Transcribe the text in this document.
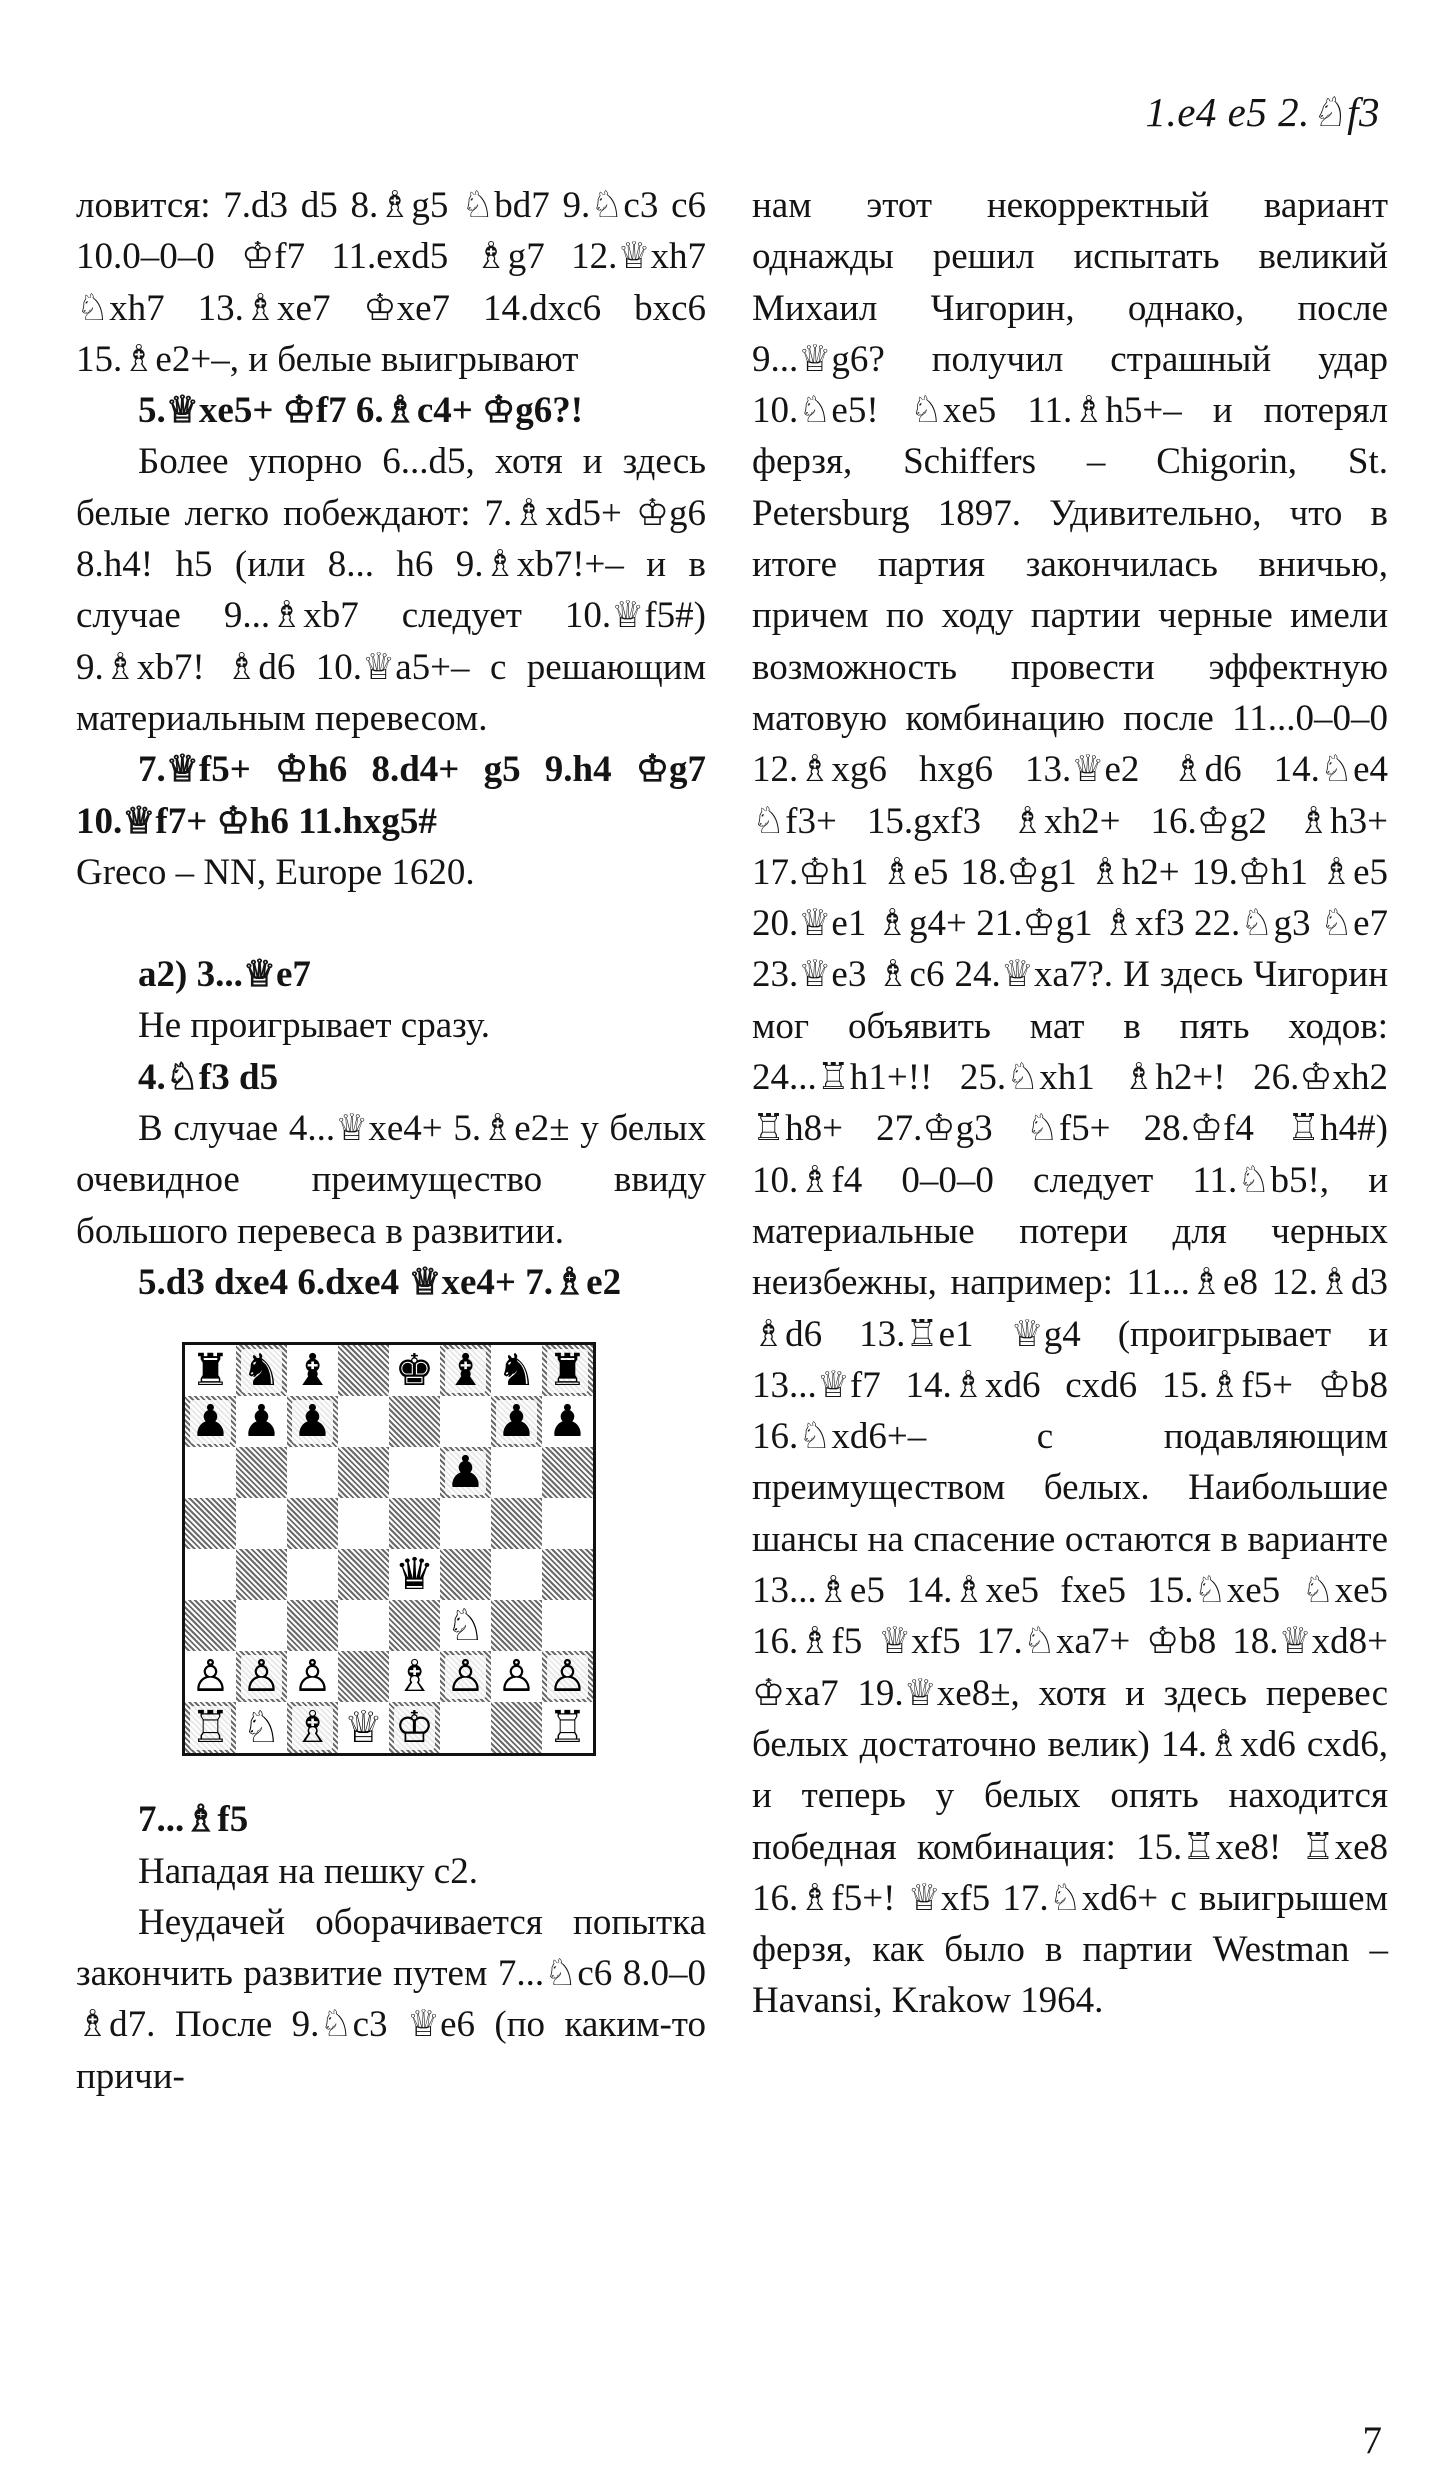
1.e4 e5 2.♘f3

ловится: 7.d3 d5 8.♗g5 ♘bd7 9.♘c3 c6 10.0–0–0 ♔f7 11.exd5 ♗g7 12.♕xh7 ♘xh7 13.♗xe7 ♔xe7 14.dxc6 bxc6 15.♗e2+–, и белые выигрывают

5.♕xe5+ ♔f7 6.♗c4+ ♔g6?!

Более упорно 6...d5, хотя и здесь белые легко побеждают: 7.♗xd5+ ♔g6 8.h4! h5 (или 8... h6 9.♗xb7!+– и в случае 9...♗xb7 следует 10.♕f5#) 9.♗xb7! ♗d6 10.♕a5+– с решающим материальным перевесом.

7.♕f5+ ♔h6 8.d4+ g5 9.h4 ♔g7 10.♕f7+ ♔h6 11.hxg5#

Greco – NN, Europe 1620.

a2) 3...♕e7

Не проигрывает сразу.

4.♘f3 d5

В случае 4...♕xe4+ 5.♗e2± у белых очевидное преимущество ввиду большого перевеса в развитии.

5.d3 dxe4 6.dxe4 ♕xe4+ 7.♗e2

♜ ♞ ♝ ♚ ♝ ♞ ♜
♟ ♟ ♟	♟ ♟
♟
♛
♘
♙ ♙ ♙ ♗ ♙ ♙ ♙
♖ ♘ ♗ ♕ ♔	♖

7...♗f5

Нападая на пешку с2.

Неудачей оборачивается попытка закончить развитие путем 7...♘c6 8.0–0 ♗d7. После 9.♘c3 ♕e6 (по каким-то причи-

нам этот некорректный вариант однажды решил испытать великий Михаил Чигорин, однако, после 9...♕g6? получил страшный удар 10.♘e5! ♘xe5 11.♗h5+– и потерял ферзя, Schiffers – Chigorin, St. Petersburg 1897. Удивительно, что в итоге партия закончилась вничью, причем по ходу партии черные имели возможность провести эффектную матовую комбинацию после 11...0–0–0 12.♗xg6 hxg6 13.♕e2 ♗d6 14.♘e4 ♘f3+ 15.gxf3 ♗xh2+ 16.♔g2 ♗h3+ 17.♔h1 ♗e5 18.♔g1 ♗h2+ 19.♔h1 ♗e5 20.♕e1 ♗g4+ 21.♔g1 ♗xf3 22.♘g3 ♘e7 23.♕e3 ♗c6 24.♕xa7?. И здесь Чигорин мог объявить мат в пять ходов: 24...♖h1+!! 25.♘xh1 ♗h2+! 26.♔xh2 ♖h8+ 27.♔g3 ♘f5+ 28.♔f4 ♖h4#) 10.♗f4 0–0–0 следует 11.♘b5!, и материальные потери для черных неизбежны, например: 11...♗e8 12.♗d3 ♗d6 13.♖e1 ♕g4 (проигрывает и 13...♕f7 14.♗xd6 cxd6 15.♗f5+ ♔b8 16.♘xd6+– с подавляющим преимуществом белых. Наибольшие шансы на спасение остаются в варианте 13...♗e5 14.♗xe5 fxe5 15.♘xe5 ♘xe5 16.♗f5 ♕xf5 17.♘xa7+ ♔b8 18.♕xd8+ ♔xa7 19.♕xe8±, хотя и здесь перевес белых достаточно велик) 14.♗xd6 cxd6, и теперь у белых опять находится победная комбинация: 15.♖xe8! ♖xe8 16.♗f5+! ♕xf5 17.♘xd6+ с выигрышем ферзя, как было в партии Westman – Havansi, Krakow 1964.

7
